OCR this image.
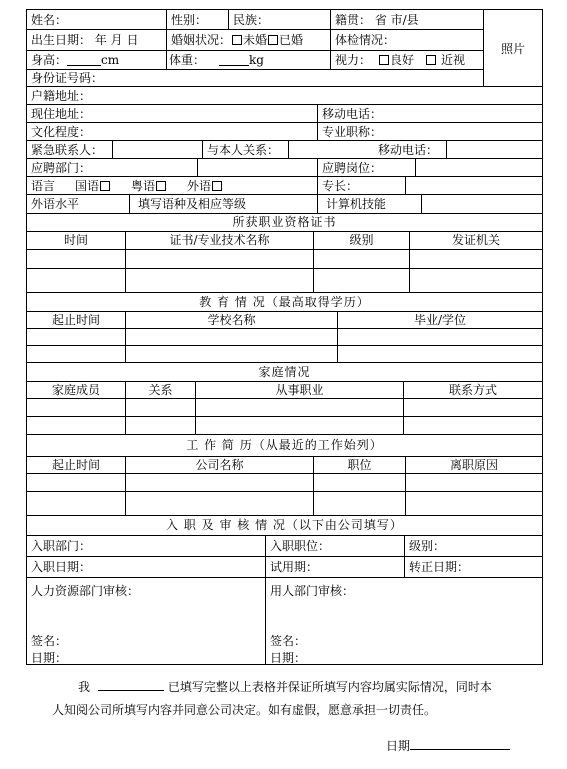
姓名：	性别：	民族：	籍贯： 省 市/县
出生日期： 年 月 日	婚姻状况： 未婚 已婚	体检情况：
身高：	cm	体重：	kg	视力： 良好 近视
身份证号码：
照片
户籍地址：
现住地址：	移动电话：
文化程度：	专业职称：
紧急联系人：	与本人关系：	移动电话：
应聘部门：	应聘岗位：
语言 国语	粤语	外语	专长：
外语水平	填写语种及相应等级	计算机技能
所获职业资格证书
时间	证书/专业技术名称	级别	发证机关
教 育 情 况（最高取得学历）
起止时间	学校名称	毕业/学位
家庭情况
家庭成员	关系	从事职业	联系方式
工 作 简 历（从最近的工作始列）
起止时间	公司名称	职位	离职原因
入 职 及 审 核 情 况（以下由公司填写）
入职部门：	入职职位：	级别：
入职日期：	试用期：	转正日期：
人力资源部门审核：
签名：
日期：
用人部门审核：
签名：
日期：
我	已填写完整以上表格并保证所填写内容均属实际情况，同时本
人知阅公司所填写内容并同意公司决定。如有虚假，愿意承担一切责任。
日期
